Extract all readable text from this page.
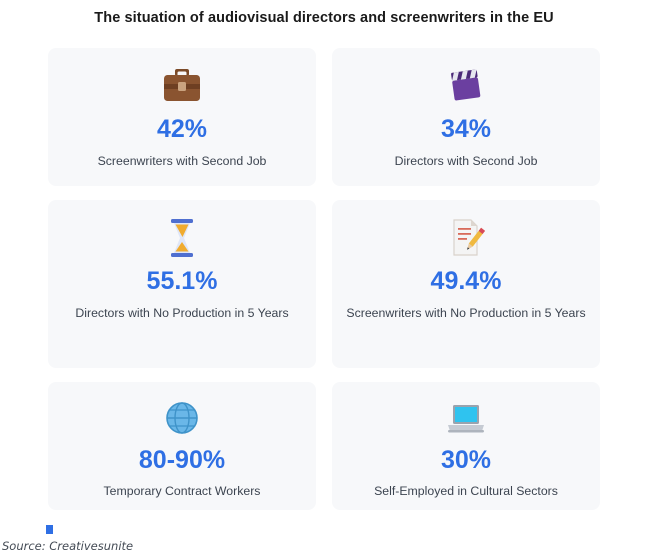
The situation of audiovisual directors and screenwriters in the EU
42%
Screenwriters with Second Job
34%
Directors with Second Job
55.1%
Directors with No Production in 5 Years
49.4%
Screenwriters with No Production in 5 Years
80-90%
Temporary Contract Workers
30%
Self-Employed in Cultural Sectors
Source: Creativesunite
